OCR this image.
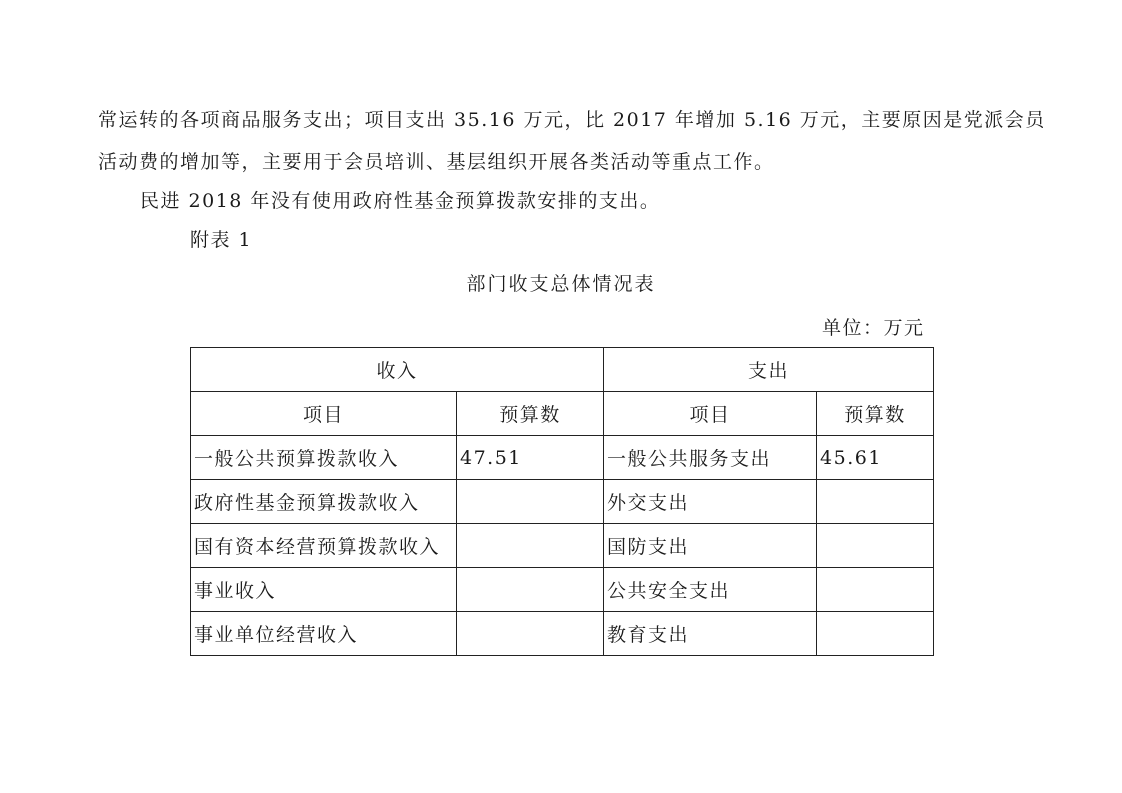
常运转的各项商品服务支出；项目支出 35.16 万元，比 2017 年增加 5.16 万元，主要原因是党派会员
活动费的增加等，主要用于会员培训、基层组织开展各类活动等重点工作。
民进 2018 年没有使用政府性基金预算拨款安排的支出。
附表 1
部门收支总体情况表
单位：万元
收入		支出	
项目	预算数	项目	预算数
一般公共预算拨款收入	47.51	一般公共服务支出	45.61
政府性基金预算拨款收入		外交支出	
国有资本经营预算拨款收入		国防支出	
事业收入		公共安全支出	
事业单位经营收入		教育支出	
